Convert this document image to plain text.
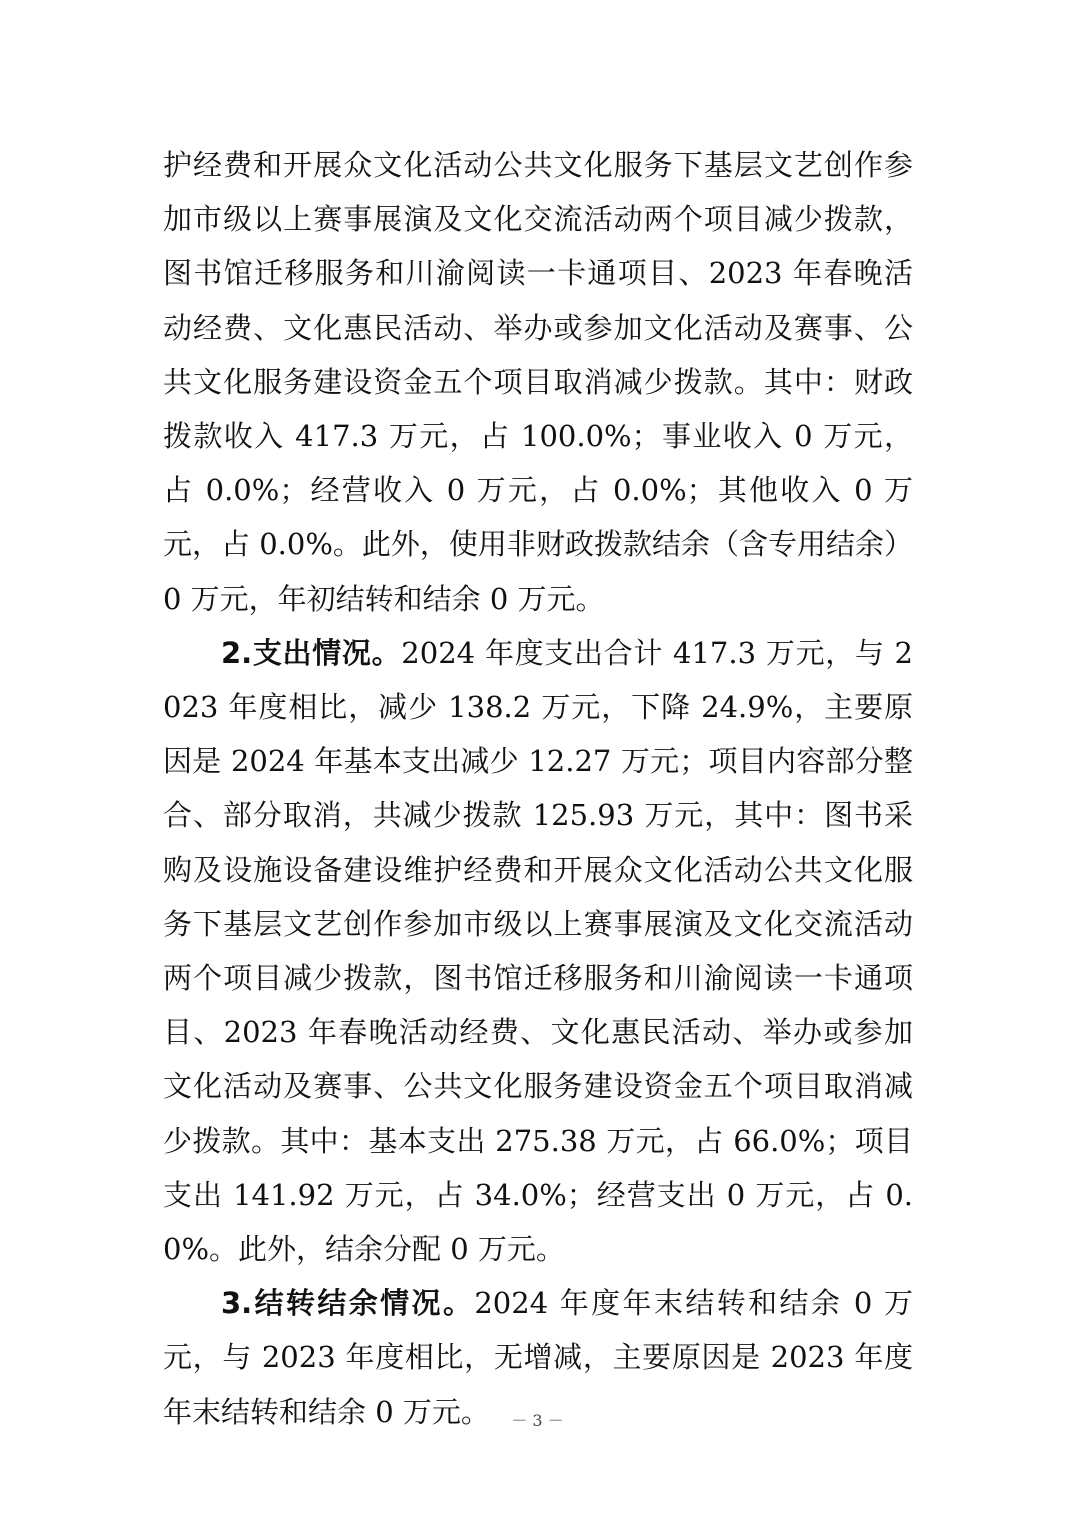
护经费和开展众文化活动公共文化服务下基层文艺创作参加市级以上赛事展演及文化交流活动两个项目减少拨款，图书馆迁移服务和川渝阅读一卡通项目、2023 年春晚活动经费、文化惠民活动、举办或参加文化活动及赛事、公共文化服务建设资金五个项目取消减少拨款。其中：财政拨款收入 417.3 万元，占 100.0%；事业收入 0 万元，占 0.0%；经营收入 0 万元，占 0.0%；其他收入 0 万元，占 0.0%。此外，使用非财政拨款结余（含专用结余）0 万元，年初结转和结余 0 万元。

2.支出情况。2024 年度支出合计 417.3 万元，与 2023 年度相比，减少 138.2 万元，下降 24.9%，主要原因是 2024 年基本支出减少 12.27 万元；项目内容部分整合、部分取消，共减少拨款 125.93 万元，其中：图书采购及设施设备建设维护经费和开展众文化活动公共文化服务下基层文艺创作参加市级以上赛事展演及文化交流活动两个项目减少拨款，图书馆迁移服务和川渝阅读一卡通项目、2023 年春晚活动经费、文化惠民活动、举办或参加文化活动及赛事、公共文化服务建设资金五个项目取消减少拨款。其中：基本支出 275.38 万元，占 66.0%；项目支出 141.92 万元，占 34.0%；经营支出 0 万元，占 0.0%。此外，结余分配 0 万元。

3.结转结余情况。2024 年度年末结转和结余 0 万元，与 2023 年度相比，无增减，主要原因是 2023 年度年末结转和结余 0 万元。	－ 3 －
